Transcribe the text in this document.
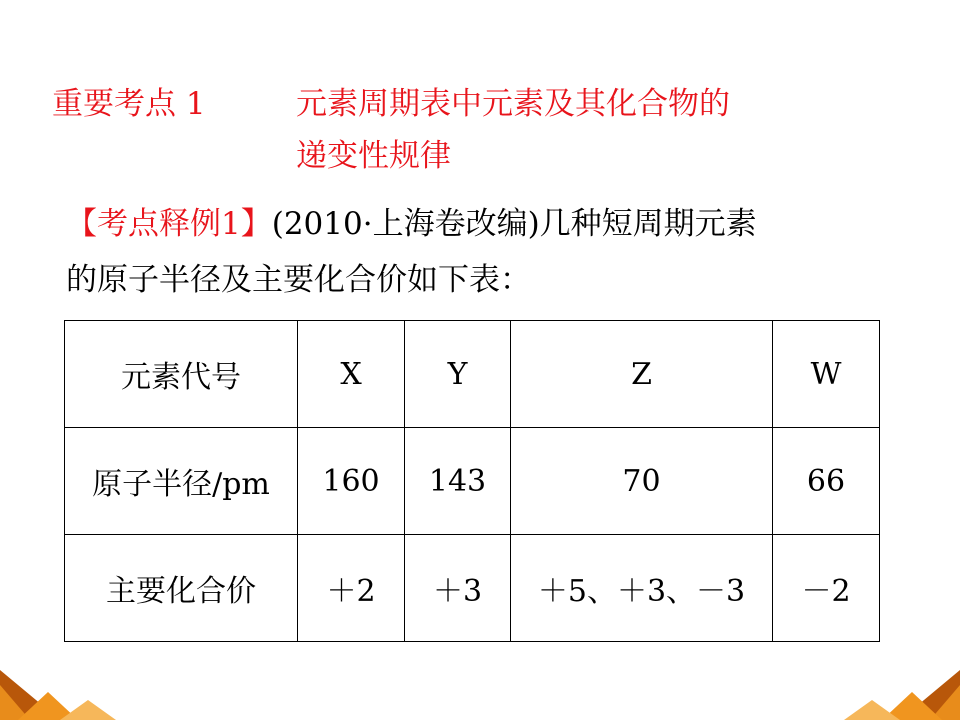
重要考点 1	元素周期表中元素及其化合物的
递变性规律
【考点释例1】(2010·上海卷改编)几种短周期元素
的原子半径及主要化合价如下表：
元素代号	X	Y	Z	W
原子半径/pm	160	143	70	66
主要化合价	＋2	＋3	＋5、＋3、－3	－2
